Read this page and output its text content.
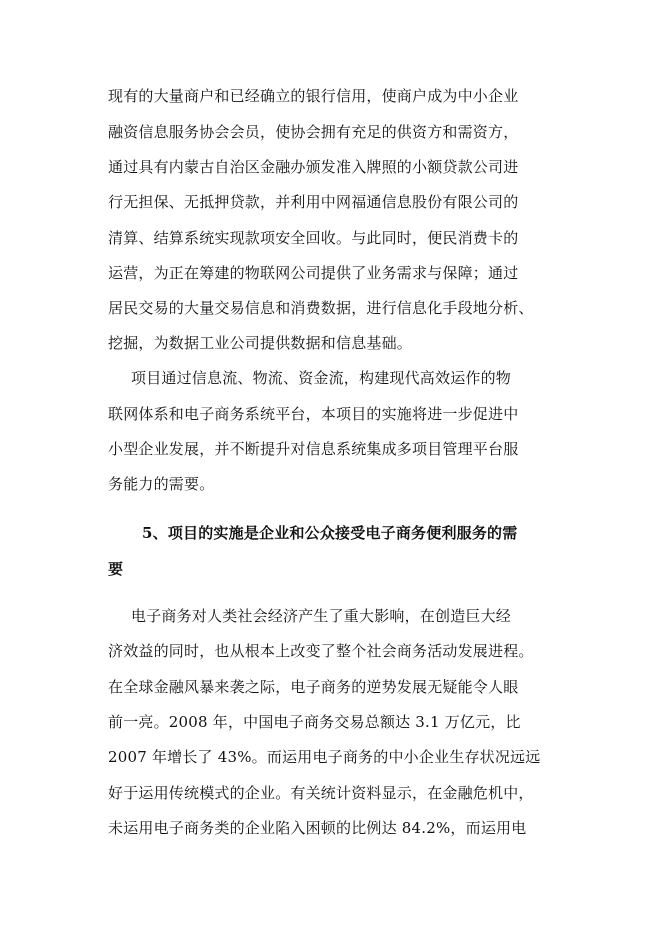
现有的大量商户和已经确立的银行信用，使商户成为中小企业
融资信息服务协会会员，使协会拥有充足的供资方和需资方，
通过具有内蒙古自治区金融办颁发准入牌照的小额贷款公司进
行无担保、无抵押贷款，并利用中网福通信息股份有限公司的
清算、结算系统实现款项安全回收。与此同时，便民消费卡的
运营，为正在筹建的物联网公司提供了业务需求与保障；通过
居民交易的大量交易信息和消费数据，进行信息化手段地分析、
挖掘，为数据工业公司提供数据和信息基础。
项目通过信息流、物流、资金流，构建现代高效运作的物
联网体系和电子商务系统平台，本项目的实施将进一步促进中
小型企业发展，并不断提升对信息系统集成多项目管理平台服
务能力的需要。
5、项目的实施是企业和公众接受电子商务便利服务的需
要
电子商务对人类社会经济产生了重大影响，在创造巨大经
济效益的同时，也从根本上改变了整个社会商务活动发展进程。
在全球金融风暴来袭之际，电子商务的逆势发展无疑能令人眼
前一亮。2008 年，中国电子商务交易总额达 3.1 万亿元，比
2007 年增长了 43%。而运用电子商务的中小企业生存状况远远
好于运用传统模式的企业。有关统计资料显示，在金融危机中，
未运用电子商务类的企业陷入困顿的比例达 84.2%，而运用电
